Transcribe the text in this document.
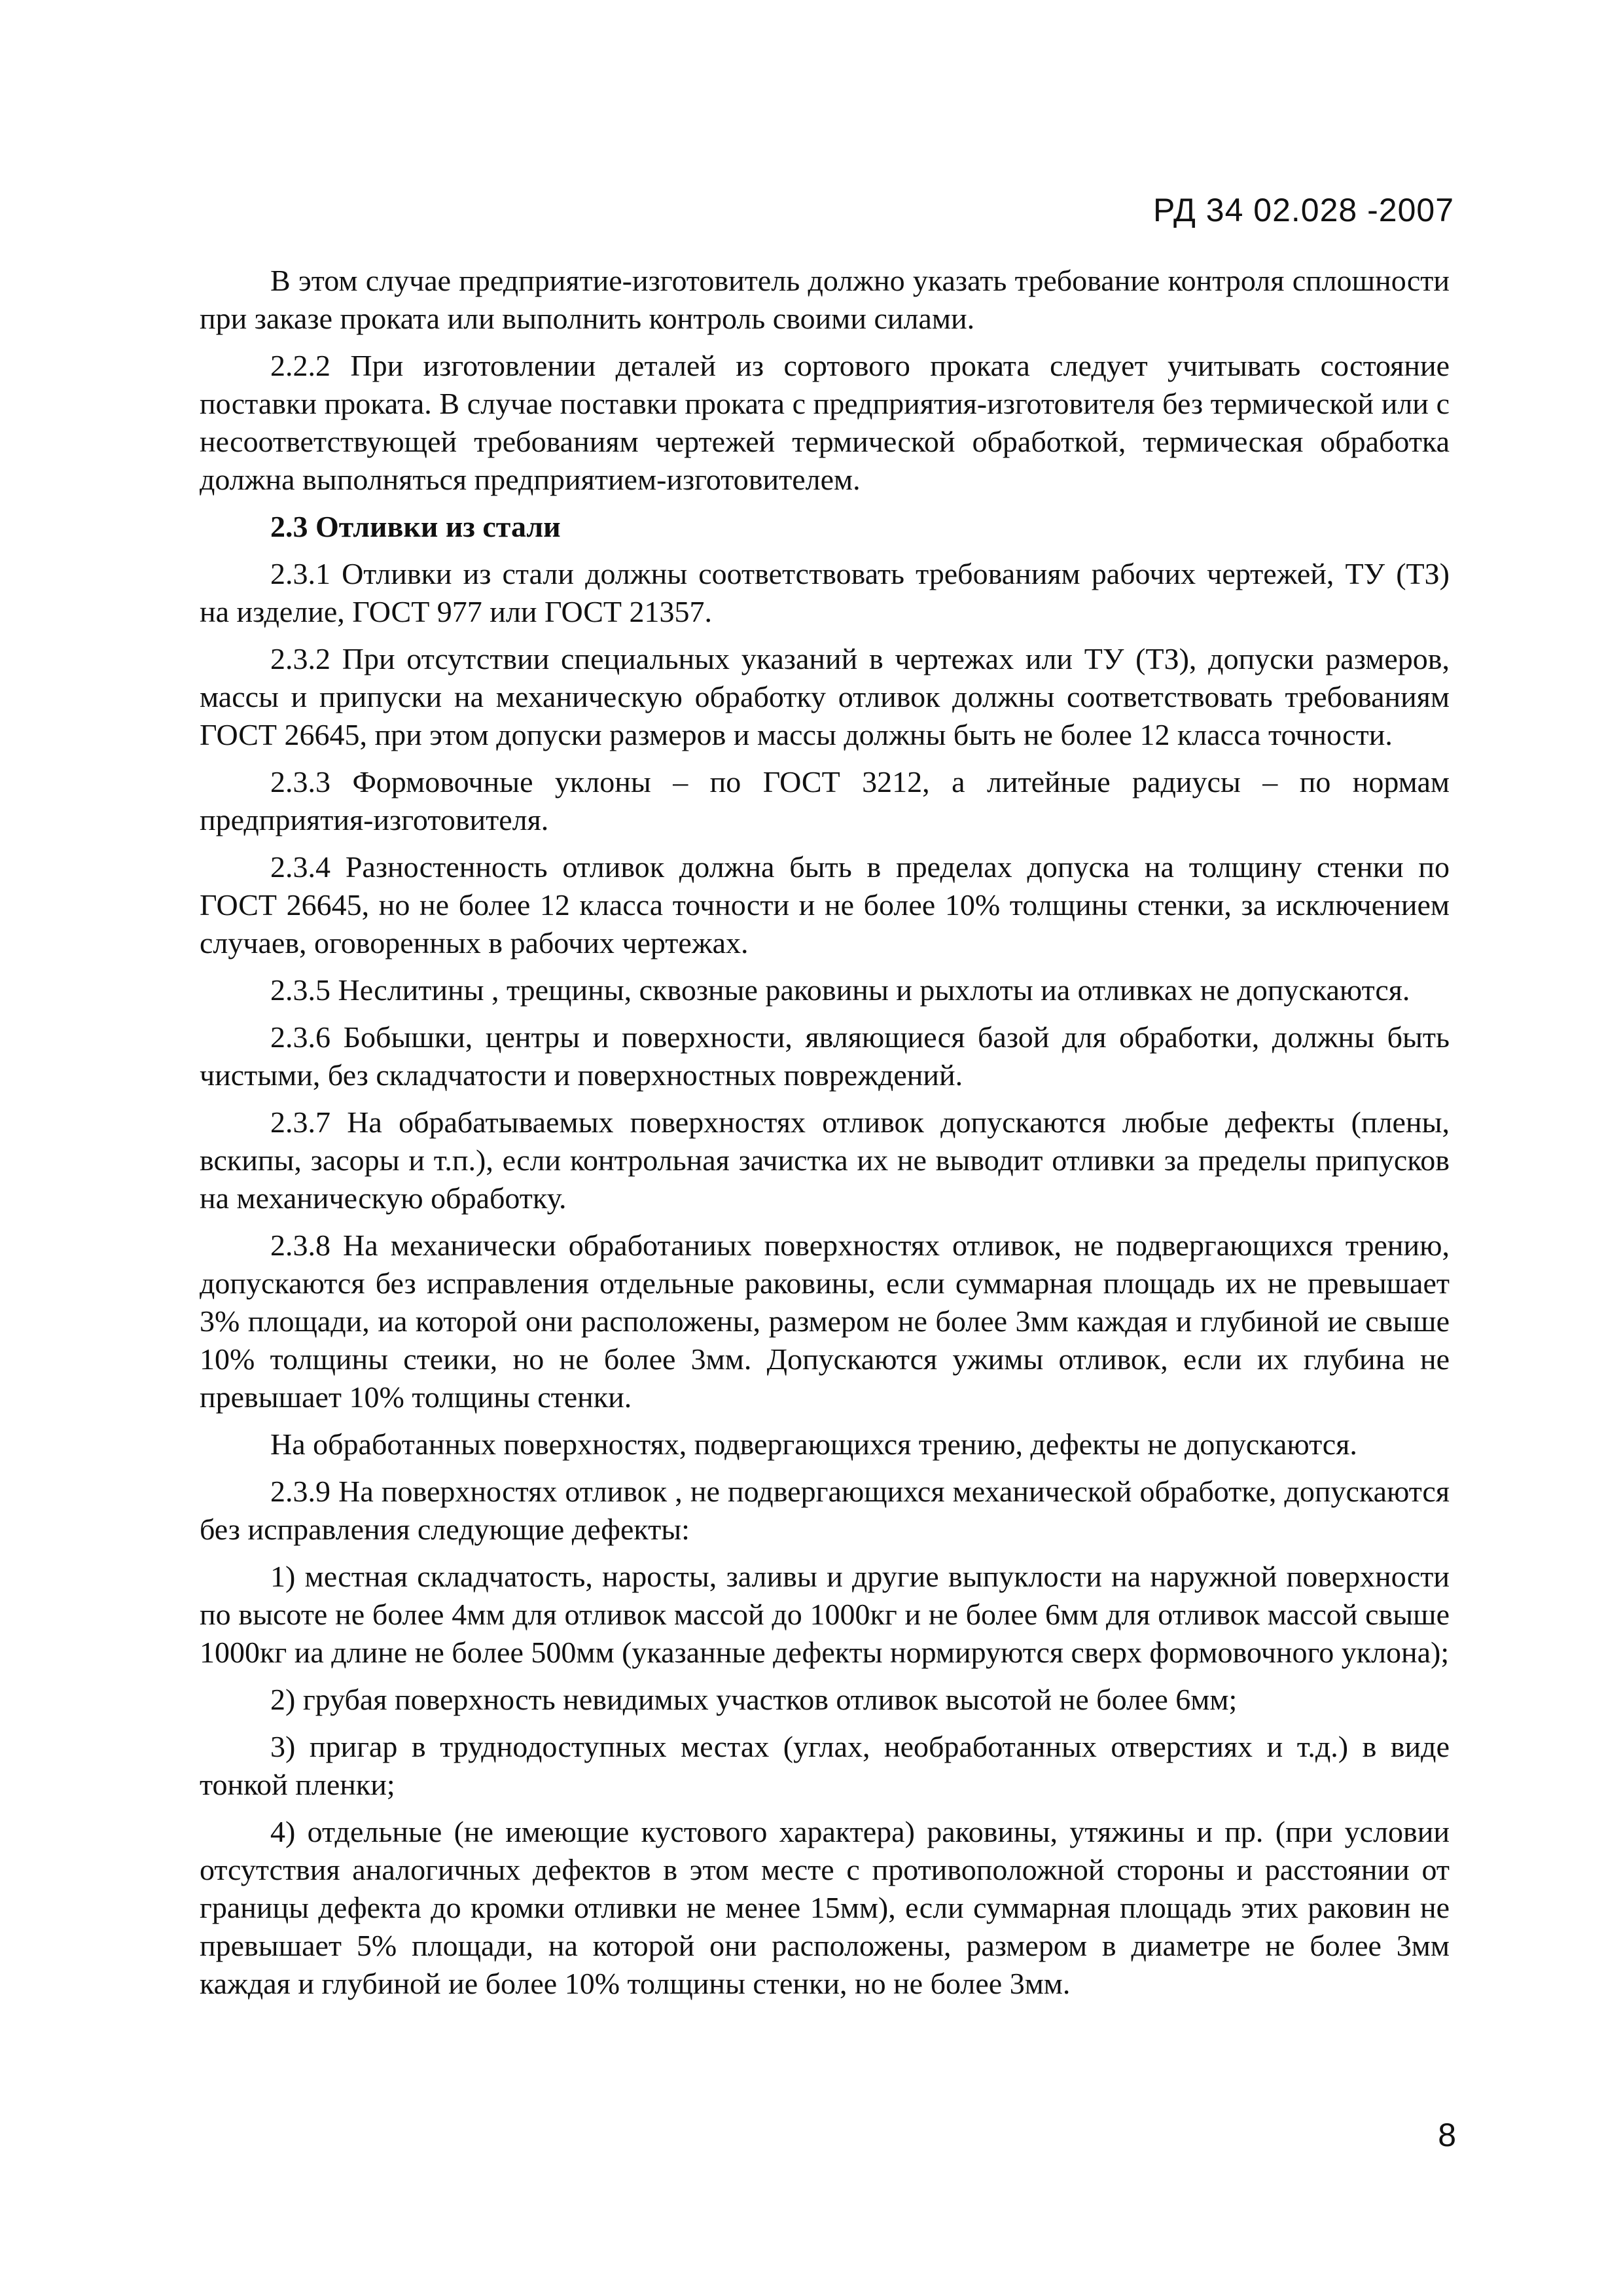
РД 34 02.028 -2007

В этом случае предприятие-изготовитель должно указать требование контроля сплошности при заказе проката или выполнить контроль своими силами.

2.2.2 При изготовлении деталей из сортового проката следует учитывать состояние поставки проката. В случае поставки проката с предприятия-изготовителя без термической или с несоответствующей требованиям чертежей термической обработкой, термическая обработка должна выполняться предприятием-изготовителем.

2.3 Отливки из стали

2.3.1 Отливки из стали должны соответствовать требованиям рабочих чертежей, ТУ (ТЗ) на изделие, ГОСТ 977 или ГОСТ 21357.

2.3.2 При отсутствии специальных указаний в чертежах или ТУ (ТЗ), допуски размеров, массы и припуски на механическую обработку отливок должны соответствовать требованиям ГОСТ 26645, при этом допуски размеров и массы должны быть не более 12 класса точности.

2.3.3 Формовочные уклоны – по ГОСТ 3212, а литейные радиусы – по нормам предприятия-изготовителя.

2.3.4 Разностенность отливок должна быть в пределах допуска на толщину стенки по ГОСТ 26645, но не более 12 класса точности и не более 10% толщины стенки, за исключением случаев, оговоренных в рабочих чертежах.

2.3.5 Неслитины , трещины, сквозные раковины и рыхлоты иа отливках не допускаются.

2.3.6 Бобышки, центры и поверхности, являющиеся базой для обработки, должны быть чистыми, без складчатости и поверхностных повреждений.

2.3.7 На обрабатываемых поверхностях отливок допускаются любые дефекты (плены, вскипы, засоры и т.п.), если контрольная зачистка их не выводит отливки за пределы припусков на механическую обработку.

2.3.8 На механически обработаниых поверхностях отливок, не подвергающихся трению, допускаются без исправления отдельные раковины, если суммарная площадь их не превышает 3% площади, иа которой они расположены, размером не более 3мм каждая и глубиной ие свыше 10% толщины стеики, но не более 3мм. Допускаются ужимы отливок, если их глубина не превышает 10% толщины стенки.

На обработанных поверхностях, подвергающихся трению, дефекты не допускаются.

2.3.9 На поверхностях отливок , не подвергающихся механической обработке, допускаются без исправления следующие дефекты:

1) местная складчатость, наросты, заливы и другие выпуклости на наружной поверхности по высоте не более 4мм для отливок массой до 1000кг и не более 6мм для отливок массой свыше 1000кг иа длине не более 500мм (указанные дефекты нормируются сверх формовочного уклона);

2) грубая поверхность невидимых участков отливок высотой не более 6мм;

3) пригар в труднодоступных местах (углах, необработанных отверстиях и т.д.) в виде тонкой пленки;

4) отдельные (не имеющие кустового характера) раковины, утяжины и пр. (при условии отсутствия аналогичных дефектов в этом месте с противоположной стороны и расстоянии от границы дефекта до кромки отливки не менее 15мм), если суммарная площадь этих раковин не превышает 5% площади, на которой они расположены, размером в диаметре не более 3мм каждая и глубиной ие более 10% толщины стенки, но не более 3мм.

8
